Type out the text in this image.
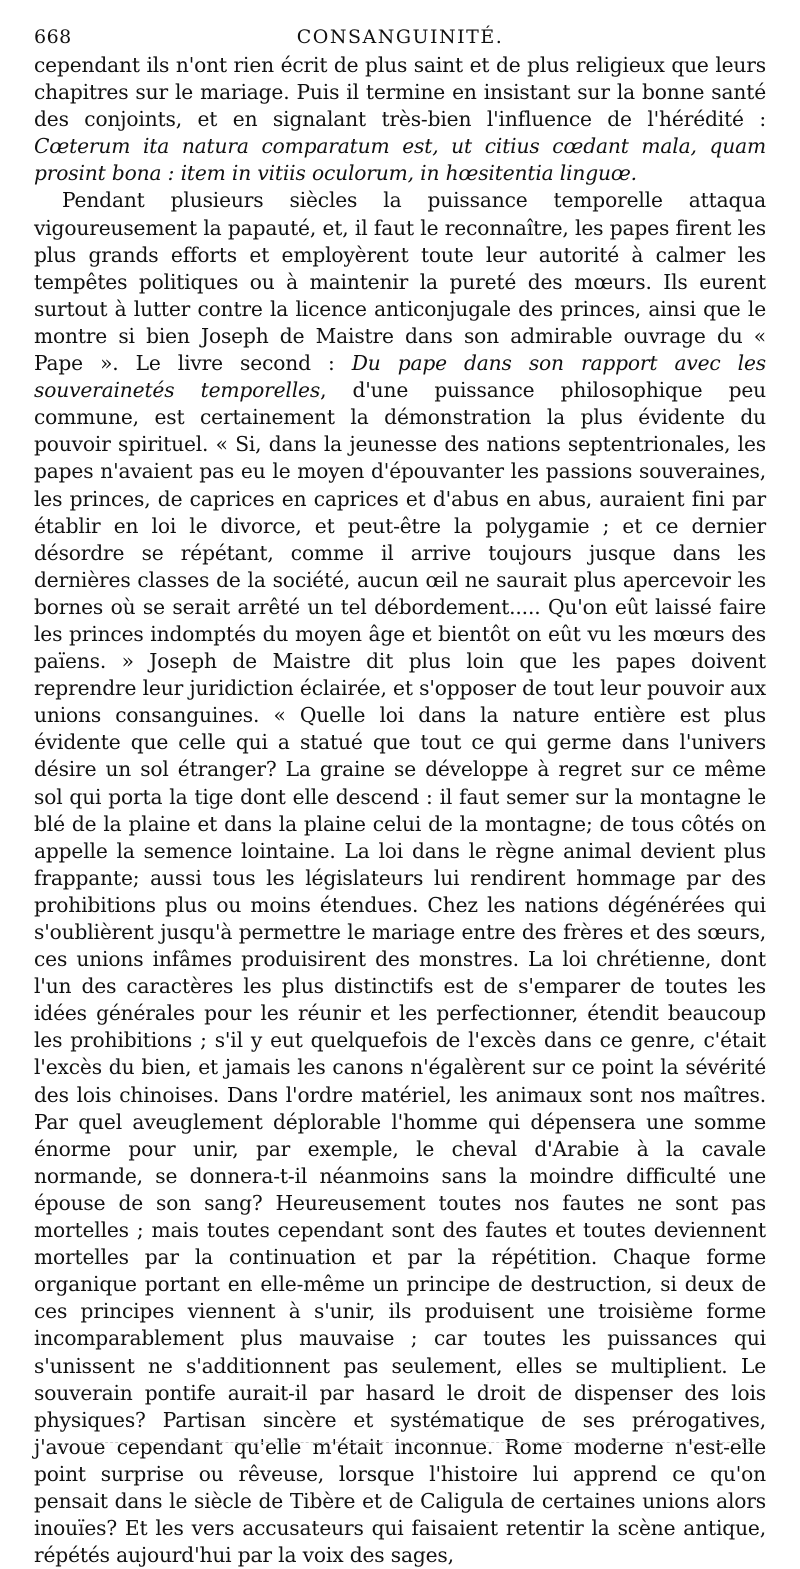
668	CONSANGUINITÉ.

cependant ils n'ont rien écrit de plus saint et de plus religieux que leurs chapitres sur le mariage. Puis il termine en insistant sur la bonne santé des conjoints, et en signalant très-bien l'influence de l'hérédité : Cœterum ita natura comparatum est, ut citius cœdant mala, quam prosint bona : item in vitiis oculorum, in hœsitentia linguœ.

Pendant plusieurs siècles la puissance temporelle attaqua vigoureusement la papauté, et, il faut le reconnaître, les papes firent les plus grands efforts et employèrent toute leur autorité à calmer les tempêtes politiques ou à maintenir la pureté des mœurs. Ils eurent surtout à lutter contre la licence anticonjugale des princes, ainsi que le montre si bien Joseph de Maistre dans son admirable ouvrage du « Pape ». Le livre second : Du pape dans son rapport avec les souverainetés temporelles, d'une puissance philosophique peu commune, est certainement la démonstration la plus évidente du pouvoir spirituel. « Si, dans la jeunesse des nations septentrionales, les papes n'avaient pas eu le moyen d'épouvanter les passions souveraines, les princes, de caprices en caprices et d'abus en abus, auraient fini par établir en loi le divorce, et peut-être la polygamie ; et ce dernier désordre se répétant, comme il arrive toujours jusque dans les dernières classes de la société, aucun œil ne saurait plus apercevoir les bornes où se serait arrêté un tel débordement..... Qu'on eût laissé faire les princes indomptés du moyen âge et bientôt on eût vu les mœurs des païens. » Joseph de Maistre dit plus loin que les papes doivent reprendre leur juridiction éclairée, et s'opposer de tout leur pouvoir aux unions consanguines. « Quelle loi dans la nature entière est plus évidente que celle qui a statué que tout ce qui germe dans l'univers désire un sol étranger? La graine se développe à regret sur ce même sol qui porta la tige dont elle descend : il faut semer sur la montagne le blé de la plaine et dans la plaine celui de la montagne; de tous côtés on appelle la semence lointaine. La loi dans le règne animal devient plus frappante; aussi tous les législateurs lui rendirent hommage par des prohibitions plus ou moins étendues. Chez les nations dégénérées qui s'oublièrent jusqu'à permettre le mariage entre des frères et des sœurs, ces unions infâmes produisirent des monstres. La loi chrétienne, dont l'un des caractères les plus distinctifs est de s'emparer de toutes les idées générales pour les réunir et les perfectionner, étendit beaucoup les prohibitions ; s'il y eut quelquefois de l'excès dans ce genre, c'était l'excès du bien, et jamais les canons n'égalèrent sur ce point la sévérité des lois chinoises. Dans l'ordre matériel, les animaux sont nos maîtres. Par quel aveuglement déplorable l'homme qui dépensera une somme énorme pour unir, par exemple, le cheval d'Arabie à la cavale normande, se donnera-t-il néanmoins sans la moindre difficulté une épouse de son sang? Heureusement toutes nos fautes ne sont pas mortelles ; mais toutes cependant sont des fautes et toutes deviennent mortelles par la continuation et par la répétition. Chaque forme organique portant en elle-même un principe de destruction, si deux de ces principes viennent à s'unir, ils produisent une troisième forme incomparablement plus mauvaise ; car toutes les puissances qui s'unissent ne s'additionnent pas seulement, elles se multiplient. Le souverain pontife aurait-il par hasard le droit de dispenser des lois physiques? Partisan sincère et systématique de ses prérogatives, j'avoue cependant qu'elle m'était inconnue. Rome moderne n'est-elle point surprise ou rêveuse, lorsque l'histoire lui apprend ce qu'on pensait dans le siècle de Tibère et de Caligula de certaines unions alors inouïes? Et les vers accusateurs qui faisaient retentir la scène antique, répétés aujourd'hui par la voix des sages,
